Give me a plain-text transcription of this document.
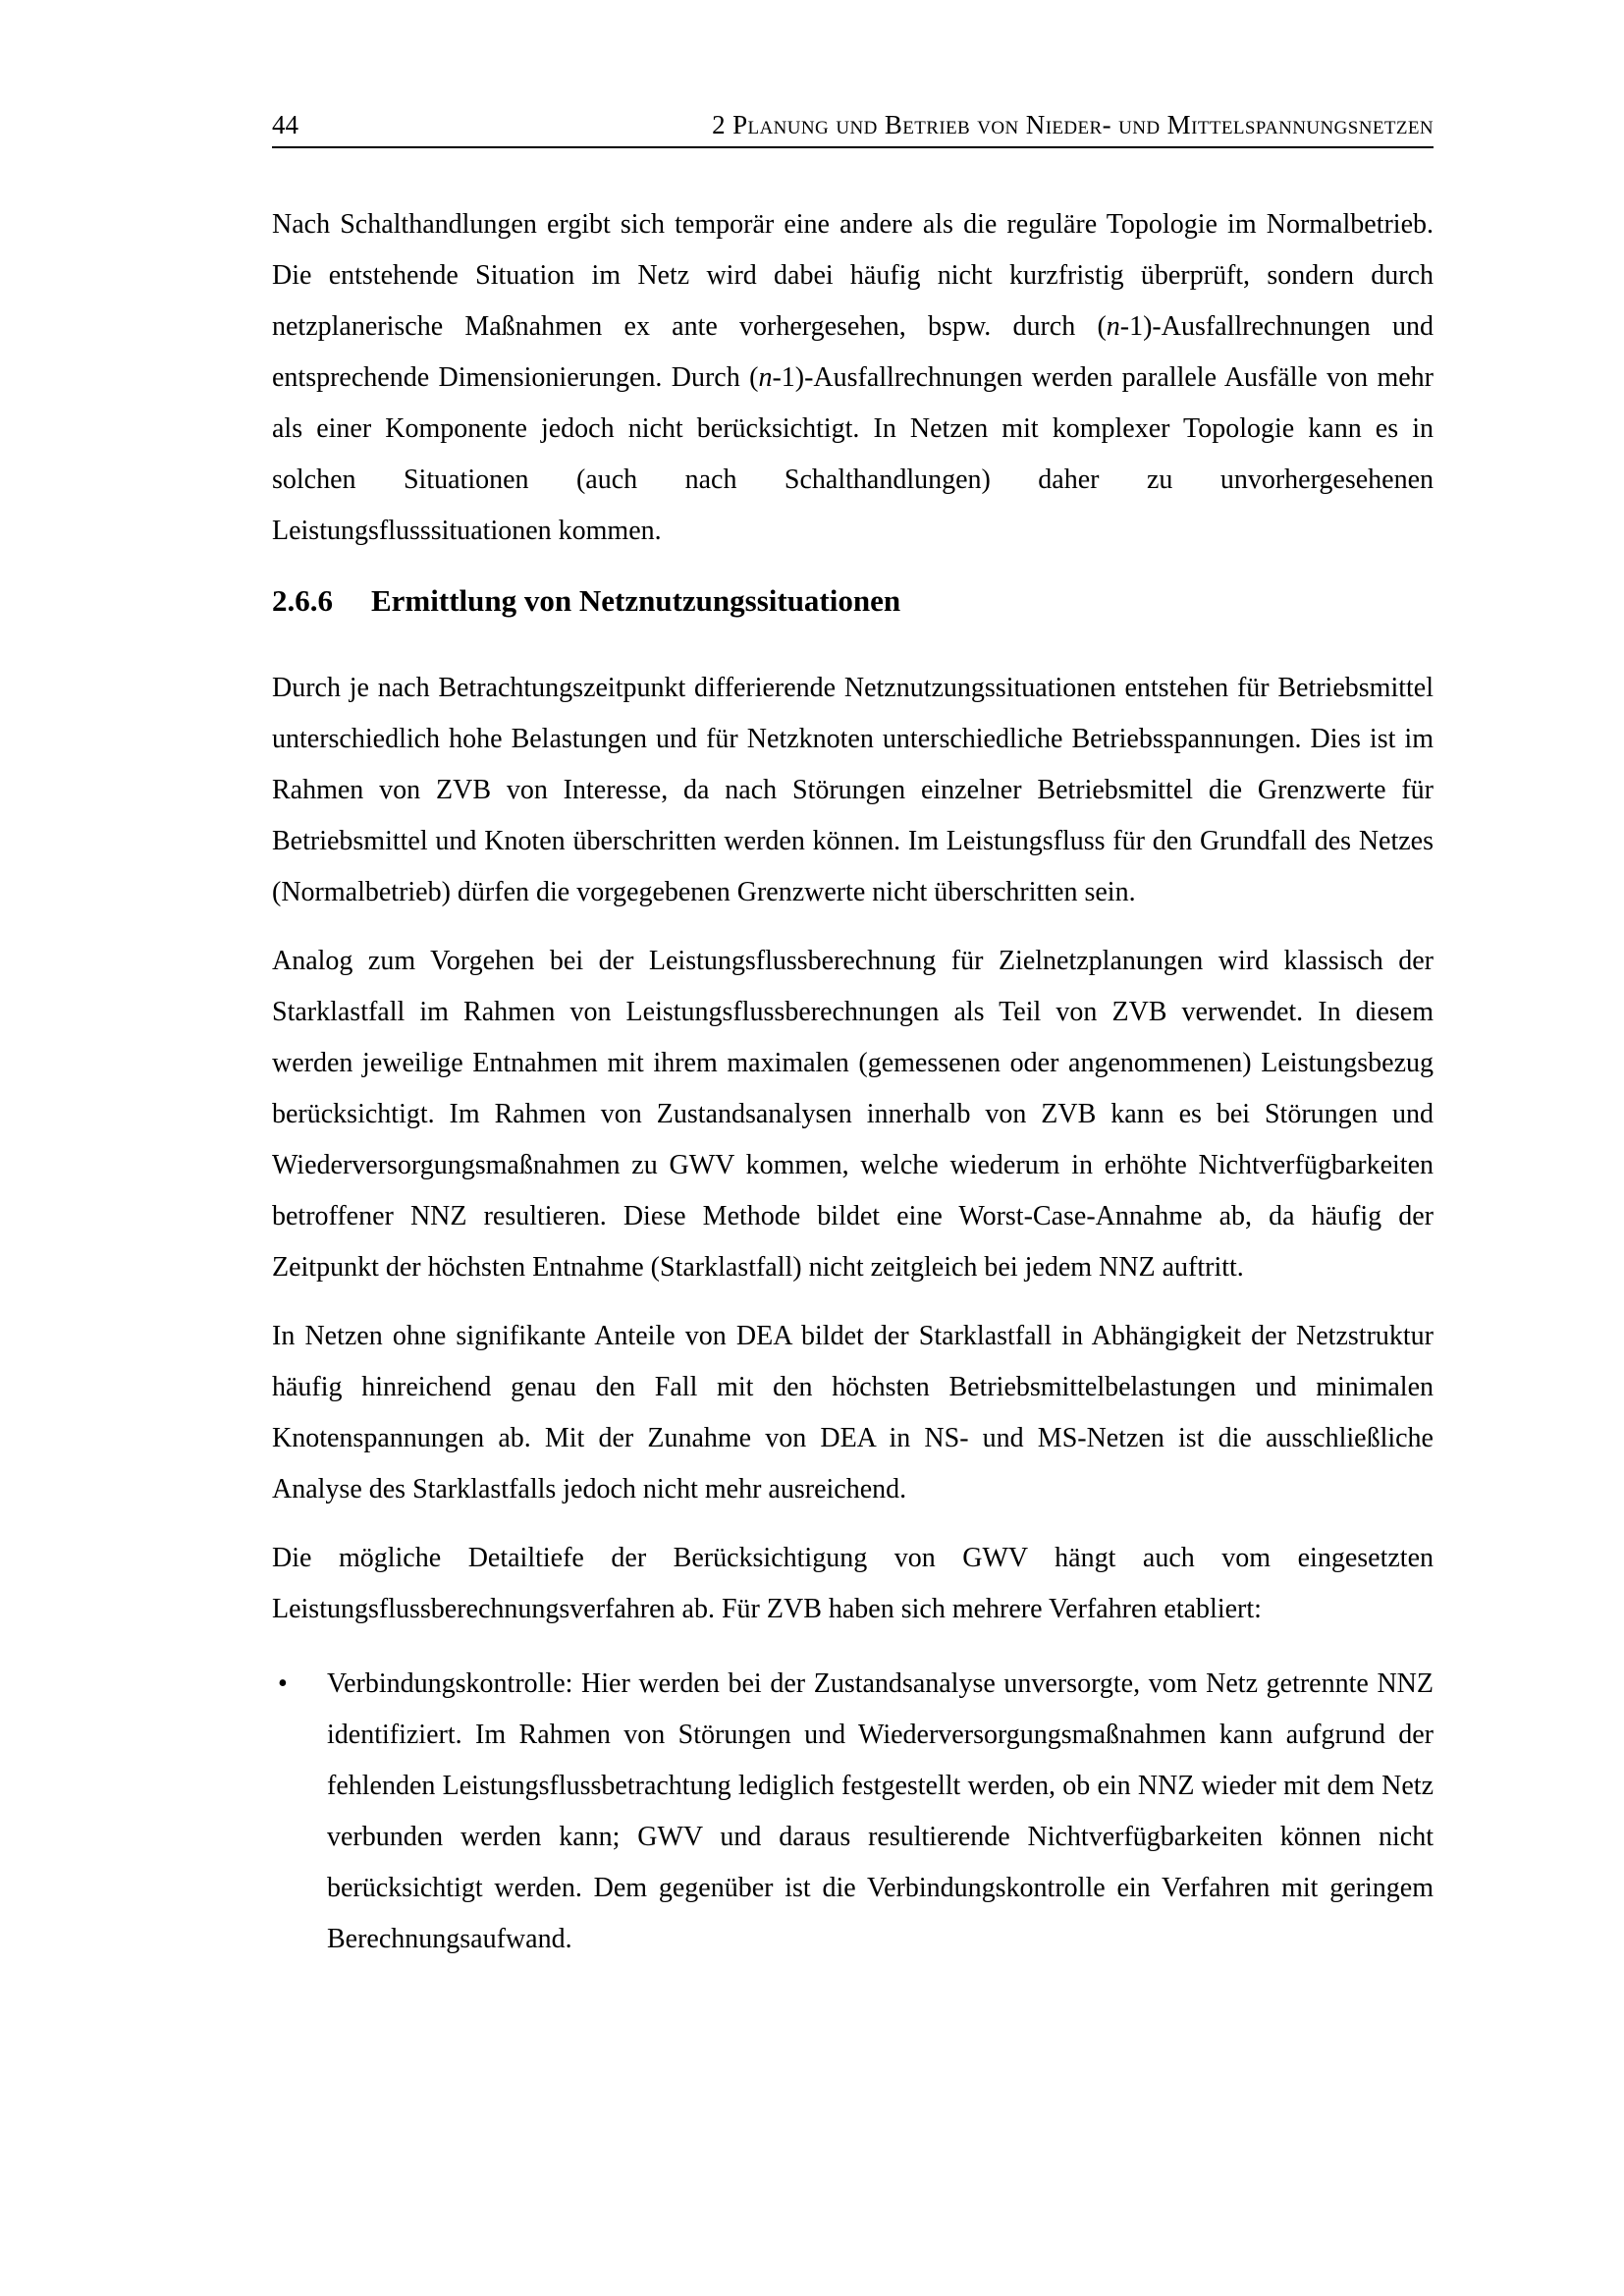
44	2 Planung und Betrieb von Nieder- und Mittelspannungsnetzen

Nach Schalthandlungen ergibt sich temporär eine andere als die reguläre Topologie im Normalbetrieb. Die entstehende Situation im Netz wird dabei häufig nicht kurzfristig überprüft, sondern durch netzplanerische Maßnahmen ex ante vorhergesehen, bspw. durch (n-1)-Ausfallrechnungen und entsprechende Dimensionierungen. Durch (n-1)-Ausfallrechnungen werden parallele Ausfälle von mehr als einer Komponente jedoch nicht berücksichtigt. In Netzen mit komplexer Topologie kann es in solchen Situationen (auch nach Schalthandlungen) daher zu unvorhergesehenen Leistungsflusssituationen kommen.

2.6.6 Ermittlung von Netznutzungssituationen

Durch je nach Betrachtungszeitpunkt differierende Netznutzungssituationen entstehen für Betriebsmittel unterschiedlich hohe Belastungen und für Netzknoten unterschiedliche Betriebsspannungen. Dies ist im Rahmen von ZVB von Interesse, da nach Störungen einzelner Betriebsmittel die Grenzwerte für Betriebsmittel und Knoten überschritten werden können. Im Leistungsfluss für den Grundfall des Netzes (Normalbetrieb) dürfen die vorgegebenen Grenzwerte nicht überschritten sein.

Analog zum Vorgehen bei der Leistungsflussberechnung für Zielnetzplanungen wird klassisch der Starklastfall im Rahmen von Leistungsflussberechnungen als Teil von ZVB verwendet. In diesem werden jeweilige Entnahmen mit ihrem maximalen (gemessenen oder angenommenen) Leistungsbezug berücksichtigt. Im Rahmen von Zustandsanalysen innerhalb von ZVB kann es bei Störungen und Wiederversorgungsmaßnahmen zu GWV kommen, welche wiederum in erhöhte Nichtverfügbarkeiten betroffener NNZ resultieren. Diese Methode bildet eine Worst-Case-Annahme ab, da häufig der Zeitpunkt der höchsten Entnahme (Starklastfall) nicht zeitgleich bei jedem NNZ auftritt.

In Netzen ohne signifikante Anteile von DEA bildet der Starklastfall in Abhängigkeit der Netzstruktur häufig hinreichend genau den Fall mit den höchsten Betriebsmittelbelastungen und minimalen Knotenspannungen ab. Mit der Zunahme von DEA in NS- und MS-Netzen ist die ausschließliche Analyse des Starklastfalls jedoch nicht mehr ausreichend.

Die mögliche Detailtiefe der Berücksichtigung von GWV hängt auch vom eingesetzten Leistungsflussberechnungsverfahren ab. Für ZVB haben sich mehrere Verfahren etabliert:

•	Verbindungskontrolle: Hier werden bei der Zustandsanalyse unversorgte, vom Netz getrennte NNZ identifiziert. Im Rahmen von Störungen und Wiederversorgungsmaßnahmen kann aufgrund der fehlenden Leistungsflussbetrachtung lediglich festgestellt werden, ob ein NNZ wieder mit dem Netz verbunden werden kann; GWV und daraus resultierende Nichtverfügbarkeiten können nicht berücksichtigt werden. Dem gegenüber ist die Verbindungskontrolle ein Verfahren mit geringem Berechnungsaufwand.
